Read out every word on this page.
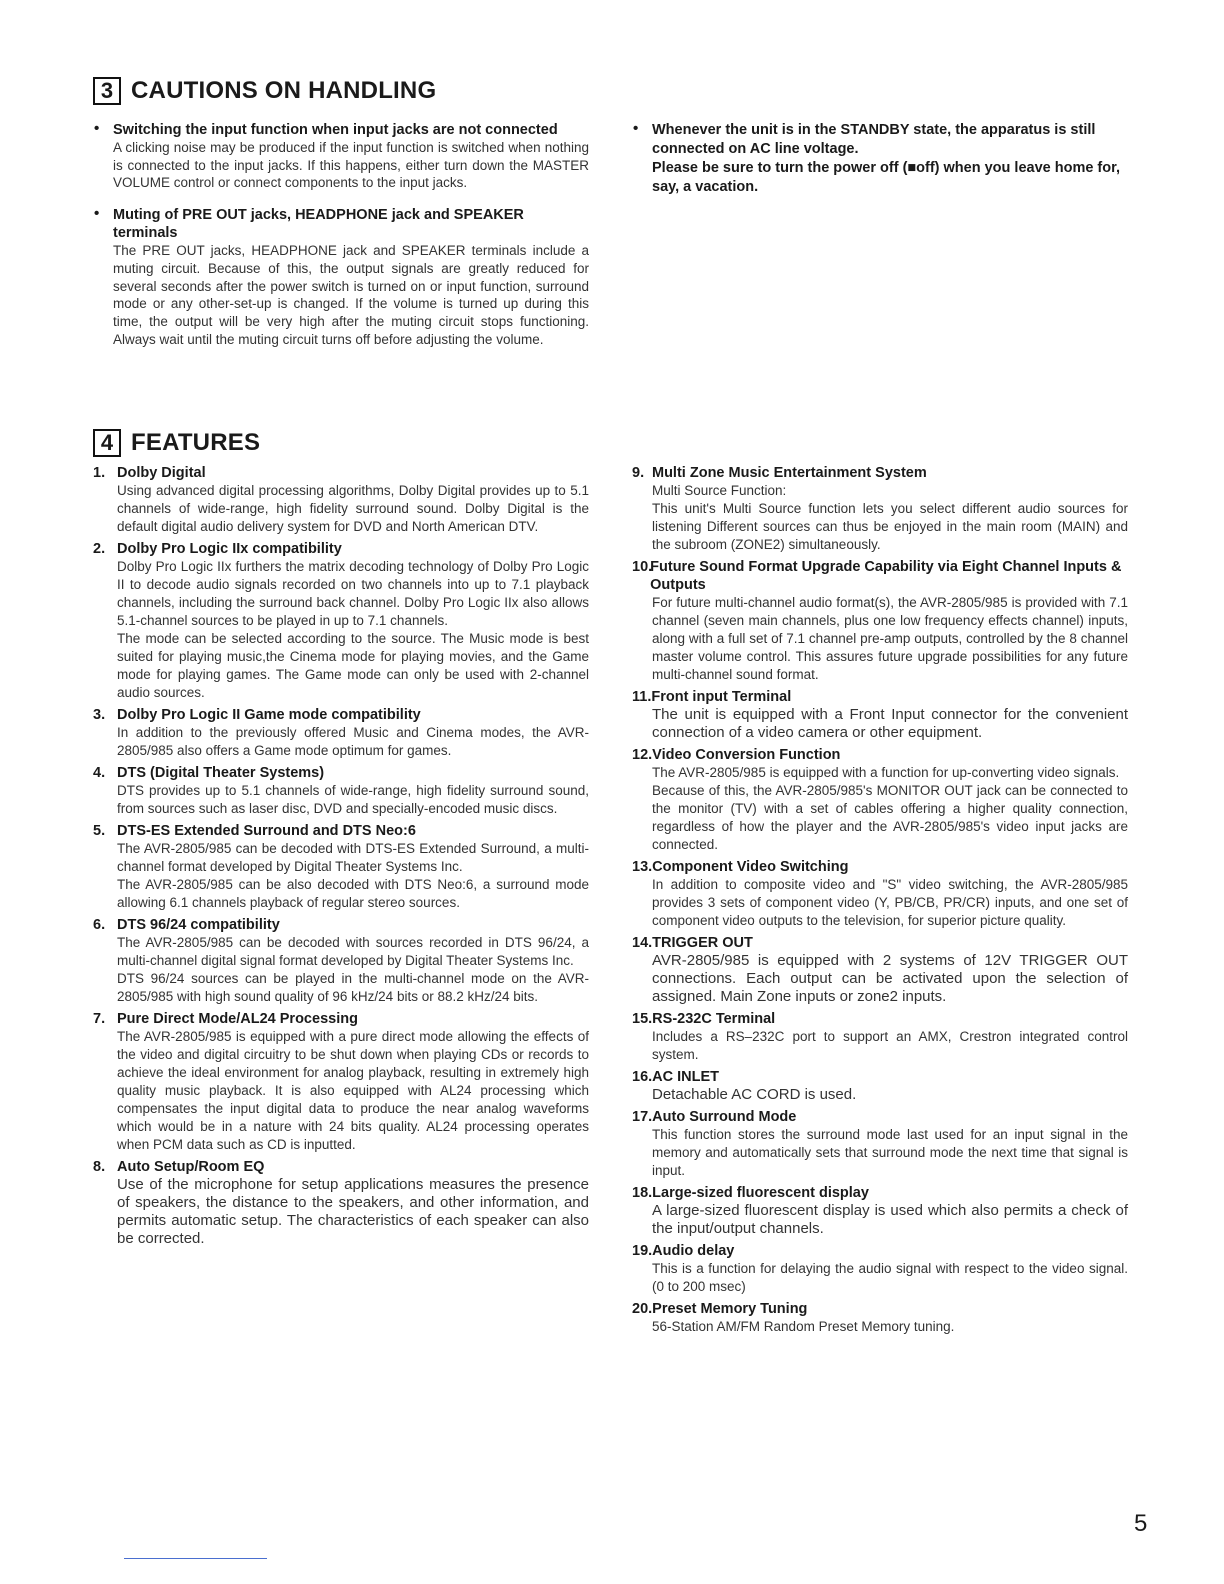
3 CAUTIONS ON HANDLING
• Switching the input function when input jacks are not connected
A clicking noise may be produced if the input function is switched when nothing is connected to the input jacks. If this happens, either turn down the MASTER VOLUME control or connect components to the input jacks.
• Muting of PRE OUT jacks, HEADPHONE jack and SPEAKER terminals
The PRE OUT jacks, HEADPHONE jack and SPEAKER terminals include a muting circuit. Because of this, the output signals are greatly reduced for several seconds after the power switch is turned on or input function, surround mode or any other-set-up is changed. If the volume is turned up during this time, the output will be very high after the muting circuit stops functioning. Always wait until the muting circuit turns off before adjusting the volume.
• Whenever the unit is in the STANDBY state, the apparatus is still connected on AC line voltage.
Please be sure to turn the power off (■off) when you leave home for, say, a vacation.
4 FEATURES
1. Dolby Digital
Using advanced digital processing algorithms, Dolby Digital provides up to 5.1 channels of wide-range, high fidelity surround sound. Dolby Digital is the default digital audio delivery system for DVD and North American DTV.
2. Dolby Pro Logic IIx compatibility
Dolby Pro Logic IIx furthers the matrix decoding technology of Dolby Pro Logic II to decode audio signals recorded on two channels into up to 7.1 playback channels, including the surround back channel. Dolby Pro Logic IIx also allows 5.1-channel sources to be played in up to 7.1 channels.
The mode can be selected according to the source. The Music mode is best suited for playing music,the Cinema mode for playing movies, and the Game mode for playing games. The Game mode can only be used with 2-channel audio sources.
3. Dolby Pro Logic II Game mode compatibility
In addition to the previously offered Music and Cinema modes, the AVR-2805/985 also offers a Game mode optimum for games.
4. DTS (Digital Theater Systems)
DTS provides up to 5.1 channels of wide-range, high fidelity surround sound, from sources such as laser disc, DVD and specially-encoded music discs.
5. DTS-ES Extended Surround and DTS Neo:6
The AVR-2805/985 can be decoded with DTS-ES Extended Surround, a multi-channel format developed by Digital Theater Systems Inc.
The AVR-2805/985 can be also decoded with DTS Neo:6, a surround mode allowing 6.1 channels playback of regular stereo sources.
6. DTS 96/24 compatibility
The AVR-2805/985 can be decoded with sources recorded in DTS 96/24, a multi-channel digital signal format developed by Digital Theater Systems Inc.
DTS 96/24 sources can be played in the multi-channel mode on the AVR-2805/985 with high sound quality of 96 kHz/24 bits or 88.2 kHz/24 bits.
7. Pure Direct Mode/AL24 Processing
The AVR-2805/985 is equipped with a pure direct mode allowing the effects of the video and digital circuitry to be shut down when playing CDs or records to achieve the ideal environment for analog playback, resulting in extremely high quality music playback. It is also equipped with AL24 processing which compensates the input digital data to produce the near analog waveforms which would be in a nature with 24 bits quality. AL24 processing operates when PCM data such as CD is inputted.
8. Auto Setup/Room EQ
Use of the microphone for setup applications measures the presence of speakers, the distance to the speakers, and other information, and permits automatic setup. The characteristics of each speaker can also be corrected.
9. Multi Zone Music Entertainment System
Multi Source Function:
This unit's Multi Source function lets you select different audio sources for listening Different sources can thus be enjoyed in the main room (MAIN) and the subroom (ZONE2) simultaneously.
10.
Future Sound Format Upgrade Capability via Eight Channel Inputs & Outputs
For future multi-channel audio format(s), the AVR-2805/985 is provided with 7.1 channel (seven main channels, plus one low frequency effects channel) inputs, along with a full set of 7.1 channel pre-amp outputs, controlled by the 8 channel master volume control. This assures future upgrade possibilities for any future multi-channel sound format.
11. Front input Terminal
The unit is equipped with a Front Input connector for the convenient connection of a video camera or other equipment.
12. Video Conversion Function
The AVR-2805/985 is equipped with a function for up-converting video signals.
Because of this, the AVR-2805/985's MONITOR OUT jack can be connected to the monitor (TV) with a set of cables offering a higher quality connection, regardless of how the player and the AVR-2805/985's video input jacks are connected.
13. Component Video Switching
In addition to composite video and "S" video switching, the AVR-2805/985 provides 3 sets of component video (Y, PB/CB, PR/CR) inputs, and one set of component video outputs to the television, for superior picture quality.
14. TRIGGER OUT
AVR-2805/985 is equipped with 2 systems of 12V TRIGGER OUT connections. Each output can be activated upon the selection of assigned. Main Zone inputs or zone2 inputs.
15. RS-232C Terminal
Includes a RS–232C port to support an AMX, Crestron integrated control system.
16. AC INLET
Detachable AC CORD is used.
17. Auto Surround Mode
This function stores the surround mode last used for an input signal in the memory and automatically sets that surround mode the next time that signal is input.
18. Large-sized fluorescent display
A large-sized fluorescent display is used which also permits a check of the input/output channels.
19. Audio delay
This is a function for delaying the audio signal with respect to the video signal. (0 to 200 msec)
20. Preset Memory Tuning
56-Station AM/FM Random Preset Memory tuning.
5
